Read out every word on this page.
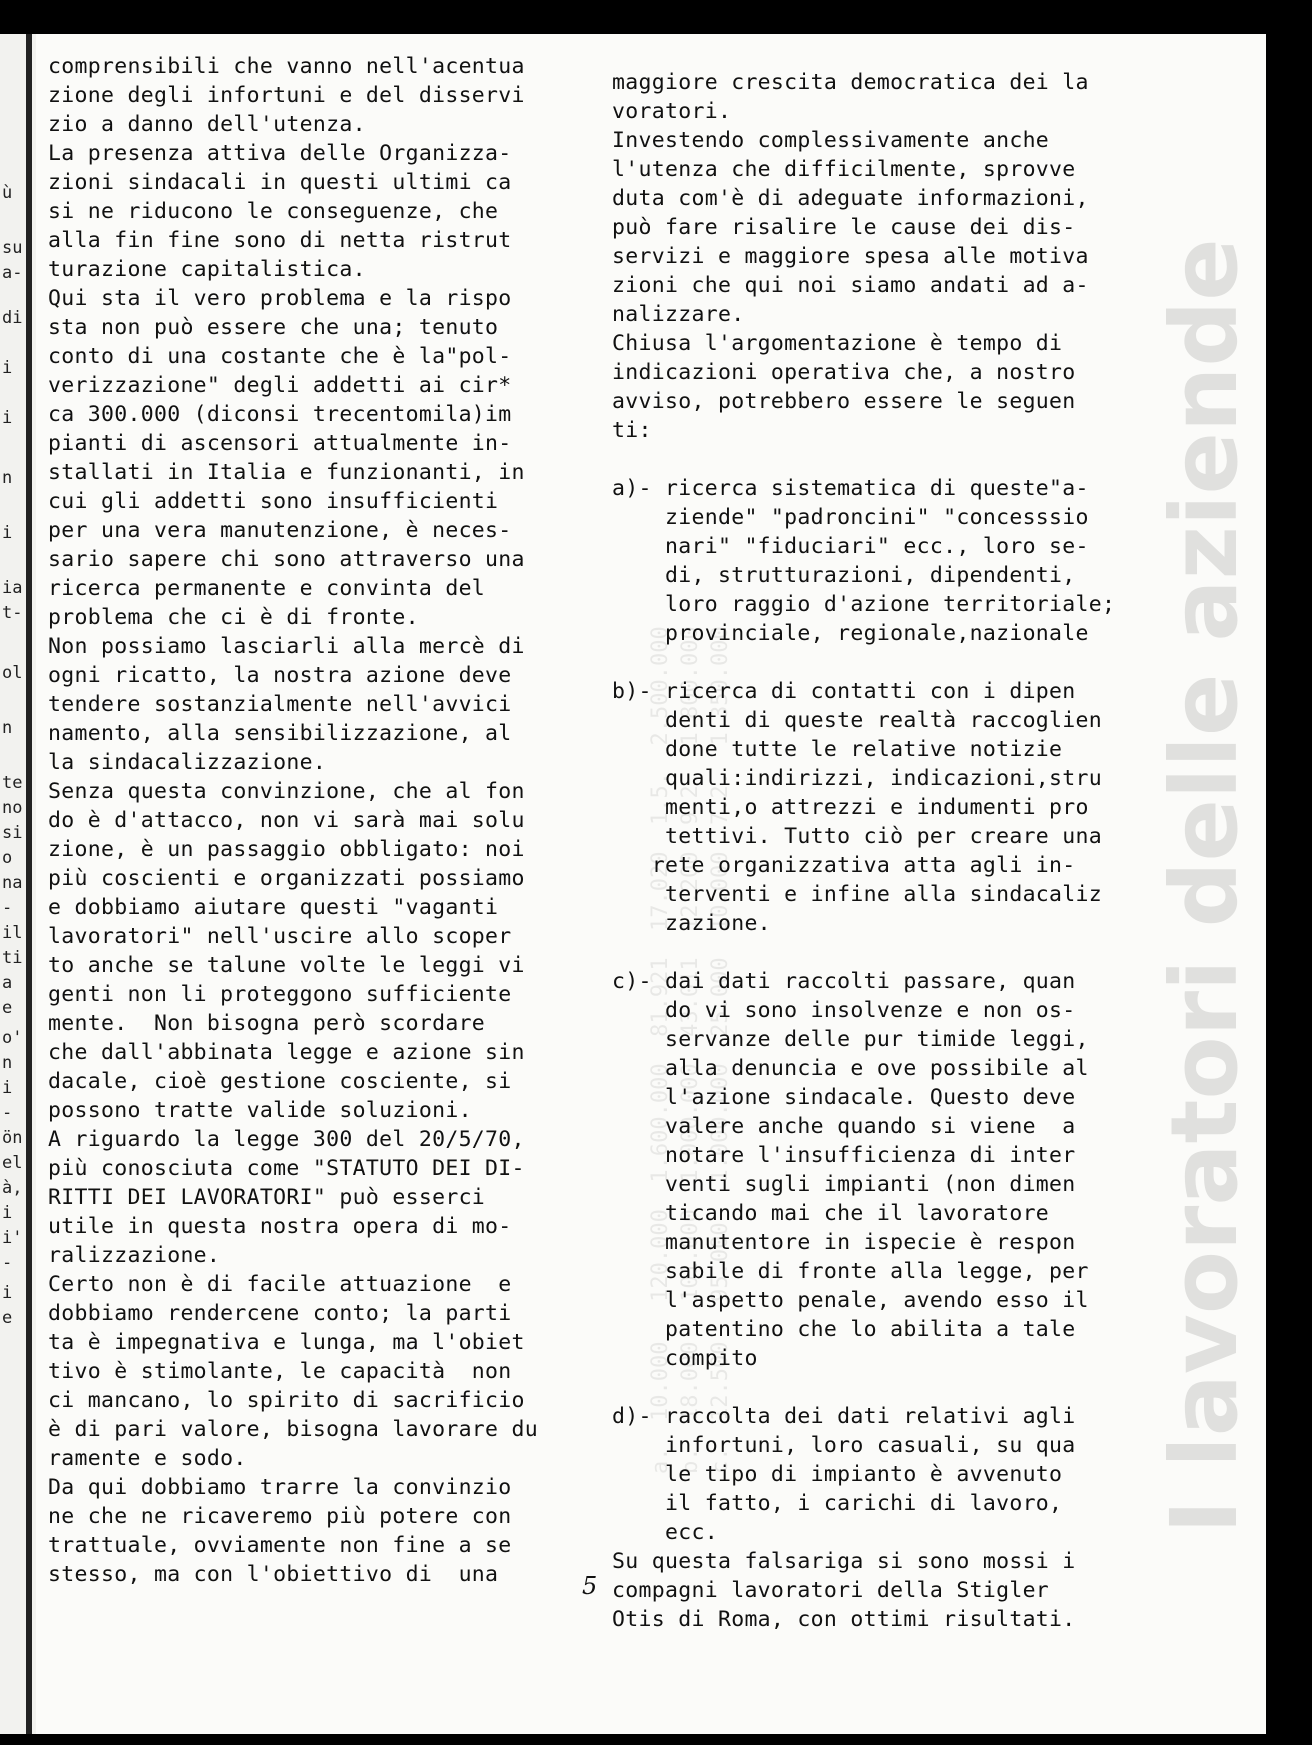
ù
su
a-
di
i
i
n
i
ia
t-
ol
n
te
no
si
o
na
-
il
ti
a
e
o'
n
i
-
ön
el
à,
i
i'
-
i
e
a.  10.000   120.000  1.600.000  81.921  17.020  1.5.  2.500.000
b.  18.000   101.000  1.000.000  43.011  12.200  9.2.  1.800.000
c.  12.500   95.000   1.000.000  25.000  10.000  7.2.  1.350.000	I lavoratori delle aziende
comprensibili che vanno nell'acentua
zione degli infortuni e del disservi
zio a danno dell'utenza.
La presenza attiva delle Organizza-
zioni sindacali in questi ultimi ca
si ne riducono le conseguenze, che
alla fin fine sono di netta ristrut
turazione capitalistica.
Qui sta il vero problema e la rispo
sta non può essere che una; tenuto
conto di una costante che è la"pol-
verizzazione" degli addetti ai cir*
ca 300.000 (diconsi trecentomila)im
pianti di ascensori attualmente in-
stallati in Italia e funzionanti, in
cui gli addetti sono insufficienti
per una vera manutenzione, è neces-
sario sapere chi sono attraverso una
ricerca permanente e convinta del
problema che ci è di fronte.
Non possiamo lasciarli alla mercè di
ogni ricatto, la nostra azione deve
tendere sostanzialmente nell'avvici
namento, alla sensibilizzazione, al
la sindacalizzazione.
Senza questa convinzione, che al fon
do è d'attacco, non vi sarà mai solu
zione, è un passaggio obbligato: noi
più coscienti e organizzati possiamo
e dobbiamo aiutare questi "vaganti
lavoratori" nell'uscire allo scoper
to anche se talune volte le leggi vi
genti non li proteggono sufficiente
mente.  Non bisogna però scordare
che dall'abbinata legge e azione sin
dacale, cioè gestione cosciente, si
possono tratte valide soluzioni.
A riguardo la legge 300 del 20/5/70,
più conosciuta come "STATUTO DEI DI-
RITTI DEI LAVORATORI" può esserci
utile in questa nostra opera di mo-
ralizzazione.
Certo non è di facile attuazione  e
dobbiamo rendercene conto; la parti
ta è impegnativa e lunga, ma l'obiet
tivo è stimolante, le capacità  non
ci mancano, lo spirito di sacrificio
è di pari valore, bisogna lavorare du
ramente e sodo.
Da qui dobbiamo trarre la convinzio
ne che ne ricaveremo più potere con
trattuale, ovviamente non fine a se
stesso, ma con l'obiettivo di  una
maggiore crescita democratica dei la
voratori.
Investendo complessivamente anche
l'utenza che difficilmente, sprovve
duta com'è di adeguate informazioni,
può fare risalire le cause dei dis-
servizi e maggiore spesa alle motiva
zioni che qui noi siamo andati ad a-
nalizzare.
Chiusa l'argomentazione è tempo di
indicazioni operativa che, a nostro
avviso, potrebbero essere le seguen
ti:
a)- ricerca sistematica di queste"a-
ziende" "padroncini" "concesssio
nari" "fiduciari" ecc., loro se-
di, strutturazioni, dipendenti,
loro raggio d'azione territoriale;
provinciale, regionale,nazionale
b)- ricerca di contatti con i dipen
denti di queste realtà raccoglien
done tutte le relative notizie
quali:indirizzi, indicazioni,stru
menti,o attrezzi e indumenti pro
tettivi. Tutto ciò per creare una
rete organizzativa atta agli in-
terventi e infine alla sindacaliz
zazione.
c)- dai dati raccolti passare, quan
do vi sono insolvenze e non os-
servanze delle pur timide leggi,
alla denuncia e ove possibile al
l'azione sindacale. Questo deve
valere anche quando si viene  a
notare l'insufficienza di inter
venti sugli impianti (non dimen
ticando mai che il lavoratore
manutentore in ispecie è respon
sabile di fronte alla legge, per
l'aspetto penale, avendo esso il
patentino che lo abilita a tale
compito
d)- raccolta dei dati relativi agli
infortuni, loro casuali, su qua
le tipo di impianto è avvenuto
il fatto, i carichi di lavoro,
ecc.
Su questa falsariga si sono mossi i
compagni lavoratori della Stigler
Otis di Roma, con ottimi risultati.
5
